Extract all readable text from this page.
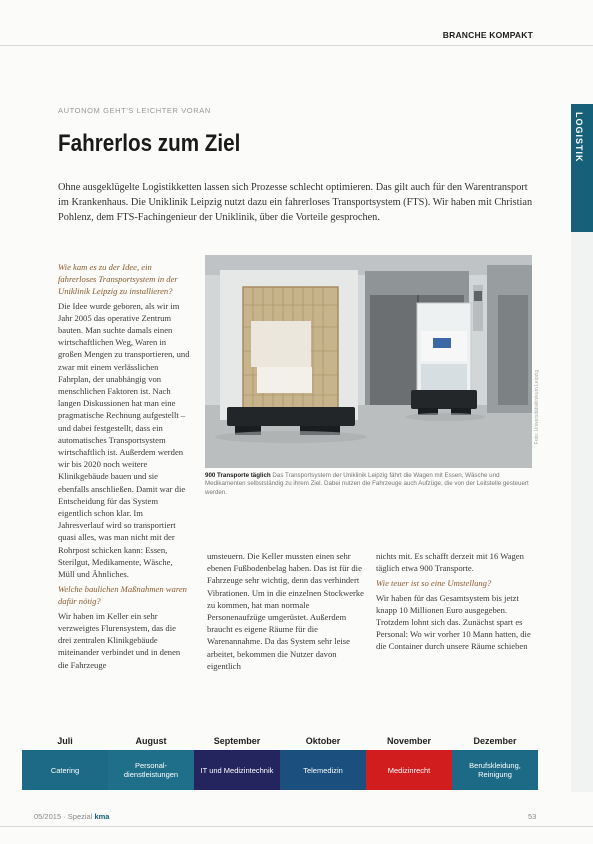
BRANCHE KOMPAKT
LOGISTIK
AUTONOM GEHT'S LEICHTER VORAN
Fahrerlos zum Ziel
Ohne ausgeklügelte Logistikketten lassen sich Prozesse schlecht optimieren. Das gilt auch für den Warentransport im Krankenhaus. Die Uniklinik Leipzig nutzt dazu ein fahrerloses Transportsystem (FTS). Wir haben mit Christian Pohlenz, dem FTS-Fachingenieur der Uniklinik, über die Vorteile gesprochen.

Wie kam es zu der Idee, ein fahrerloses Transportsystem in der Uniklinik Leipzig zu installieren?

Die Idee wurde geboren, als wir im Jahr 2005 das operative Zentrum bauten. Man suchte damals einen wirtschaftlichen Weg, Waren in großen Mengen zu transportieren, und zwar mit einem verlässlichen Fahrplan, der unabhängig von menschlichen Faktoren ist. Nach langen Diskussionen hat man eine pragmatische Rechnung aufgestellt – und dabei festgestellt, dass ein automatisches Transportsystem wirtschaftlich ist. Außerdem werden wir bis 2020 noch weitere Klinikgebäude bauen und sie ebenfalls anschließen. Damit war die Entscheidung für das System eigentlich schon klar. Im Jahresverlauf wird so transportiert quasi alles, was man nicht mit der Rohrpost schicken kann: Essen, Sterilgut, Medikamente, Wäsche, Müll und Ähnliches.

Welche baulichen Maßnahmen waren dafür nötig?

Wir haben im Keller ein sehr verzweigtes Flurensystem, das die drei zentralen Klinikgebäude miteinander verbindet und in denen die Fahrzeuge

Foto: Universitätsklinikum Leipzig
900 Transporte täglich Das Transportsystem der Uniklinik Leipzig fährt die Wagen mit Essen, Wäsche und Medikamenten selbstständig zu ihrem Ziel. Dabei nutzen die Fahrzeuge auch Aufzüge, die von der Leitstelle gesteuert werden.

umsteuern. Die Keller mussten einen sehr ebenen Fußbodenbelag haben. Das ist für die Fahrzeuge sehr wichtig, denn das verhindert Vibrationen. Um in die einzelnen Stockwerke zu kommen, hat man normale Personenaufzüge umgerüstet. Außerdem braucht es eigene Räume für die Warenannahme. Da das System sehr leise arbeitet, bekommen die Nutzer davon eigentlich

nichts mit. Es schafft derzeit mit 16 Wagen täglich etwa 900 Transporte.

Wie teuer ist so eine Umstellung?

Wir haben für das Gesamtsystem bis jetzt knapp 10 Millionen Euro ausgegeben. Trotzdem lohnt sich das. Zunächst spart es Personal: Wo wir vorher 10 Mann hatten, die die Container durch unsere Räume schieben

Juli
Catering
August
Personal-dienstleistungen
September
IT und Medizintechnik
Oktober
Telemedizin
November
Medizinrecht
Dezember
Berufskleidung, Reinigung
05/2015 · Spezial kma	53
